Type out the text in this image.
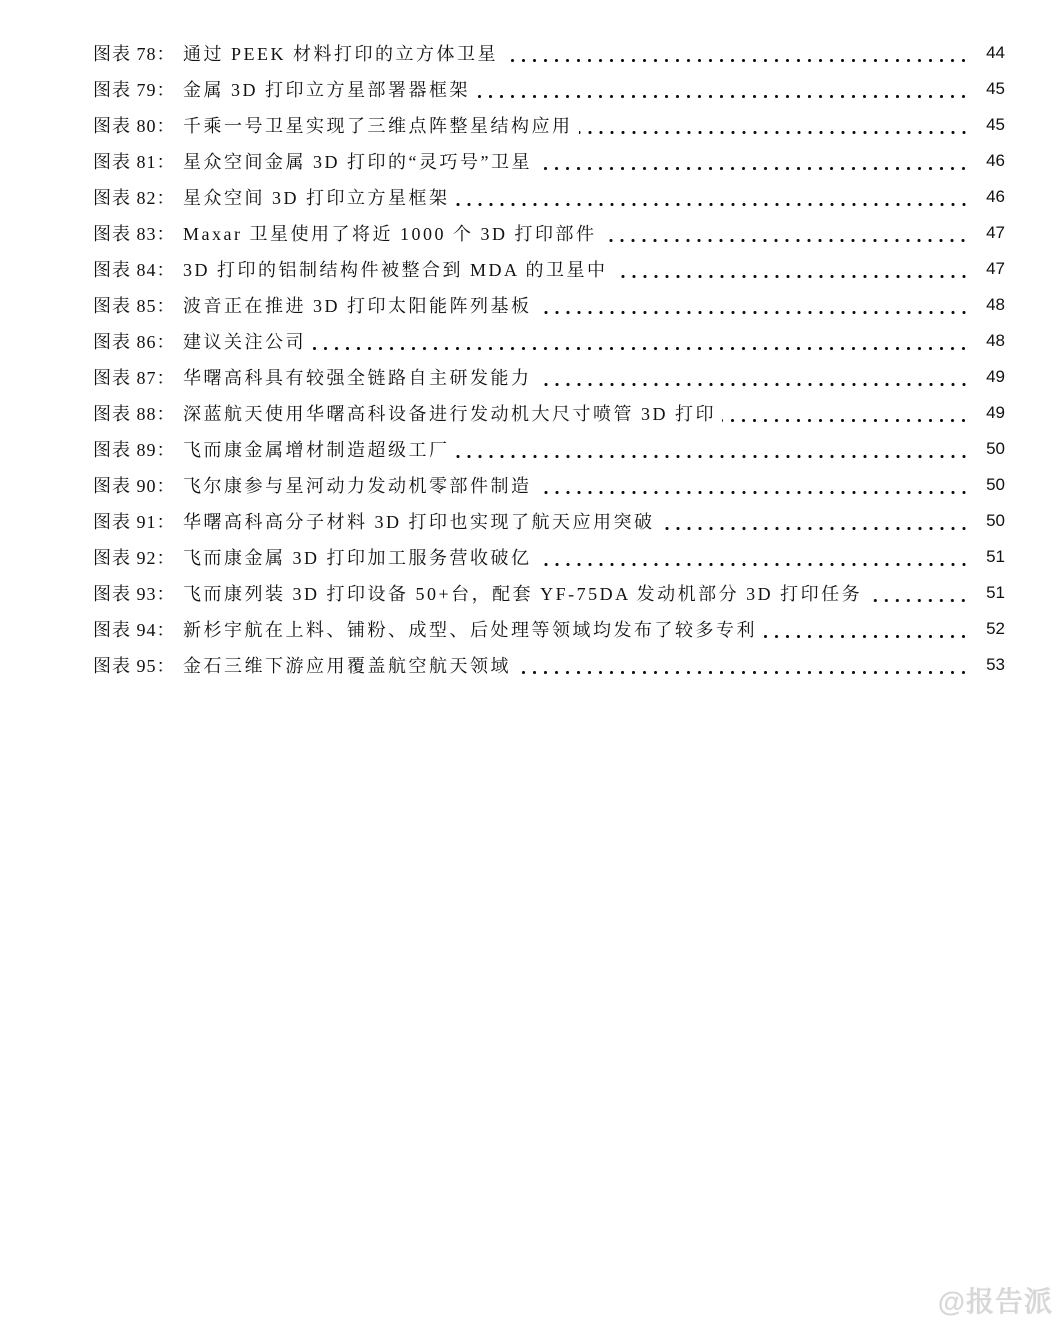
图表 78： 通过 PEEK 材料打印的立方体卫星	44
图表 79： 金属 3D 打印立方星部署器框架	45
图表 80： 千乘一号卫星实现了三维点阵整星结构应用	45
图表 81： 星众空间金属 3D 打印的“灵巧号”卫星	46
图表 82： 星众空间 3D 打印立方星框架	46
图表 83： Maxar 卫星使用了将近 1000 个 3D 打印部件	47
图表 84： 3D 打印的铝制结构件被整合到 MDA 的卫星中	47
图表 85： 波音正在推进 3D 打印太阳能阵列基板	48
图表 86： 建议关注公司	48
图表 87： 华曙高科具有较强全链路自主研发能力	49
图表 88： 深蓝航天使用华曙高科设备进行发动机大尺寸喷管 3D 打印	49
图表 89： 飞而康金属增材制造超级工厂	50
图表 90： 飞尔康参与星河动力发动机零部件制造	50
图表 91： 华曙高科高分子材料 3D 打印也实现了航天应用突破	50
图表 92： 飞而康金属 3D 打印加工服务营收破亿	51
图表 93： 飞而康列装 3D 打印设备 50+台，配套 YF-75DA 发动机部分 3D 打印任务	51
图表 94： 新杉宇航在上料、铺粉、成型、后处理等领域均发布了较多专利	52
图表 95： 金石三维下游应用覆盖航空航天领域	53
@报告派
